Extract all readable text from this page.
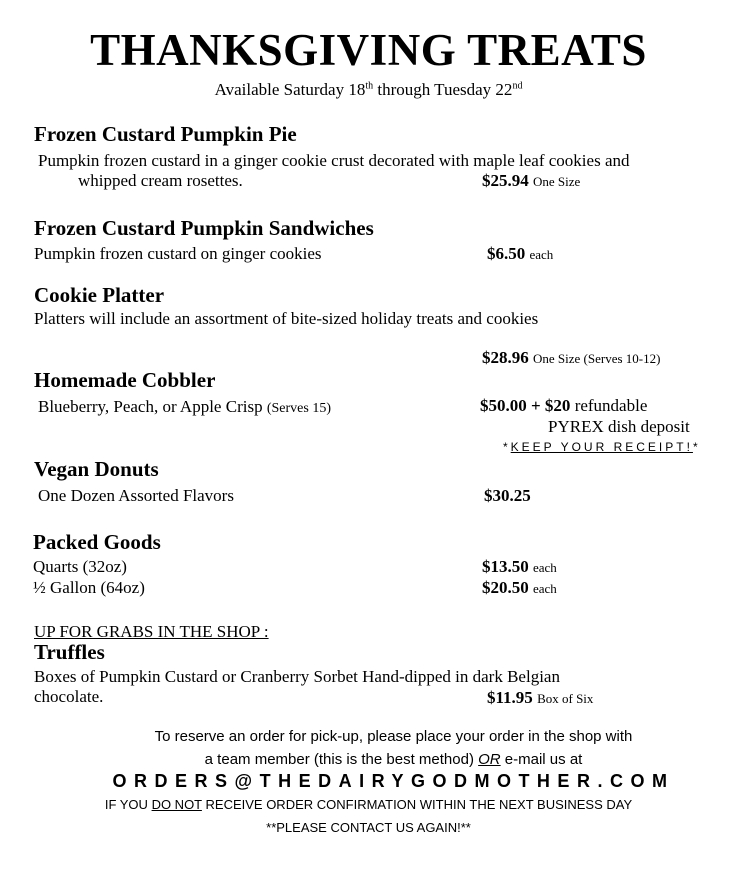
THANKSGIVING TREATS
Available Saturday 18th through Tuesday 22nd
Frozen Custard Pumpkin Pie
Pumpkin frozen custard in a ginger cookie crust decorated with maple leaf cookies and
whipped cream rosettes.	$25.94 One Size
Frozen Custard Pumpkin Sandwiches
Pumpkin frozen custard on ginger cookies	$6.50 each
Cookie Platter
Platters will include an assortment of bite-sized holiday treats and cookies
$28.96 One Size (Serves 10-12)
Homemade Cobbler
Blueberry, Peach, or Apple Crisp (Serves 15)	$50.00 + $20 refundable
PYREX dish deposit
*KEEP YOUR RECEIPT!*
Vegan Donuts
One Dozen Assorted Flavors	$30.25
Packed Goods
Quarts (32oz)	$13.50 each
½ Gallon (64oz)	$20.50 each
UP FOR GRABS IN THE SHOP :
Truffles
Boxes of Pumpkin Custard or Cranberry Sorbet Hand-dipped in dark Belgian
chocolate.	$11.95 Box of Six
To reserve an order for pick-up, please place your order in the shop with
a team member (this is the best method) OR e-mail us at
ORDERS@THEDAIRYGODMOTHER.COM
IF YOU DO NOT RECEIVE ORDER CONFIRMATION WITHIN THE NEXT BUSINESS DAY
**PLEASE CONTACT US AGAIN!**
